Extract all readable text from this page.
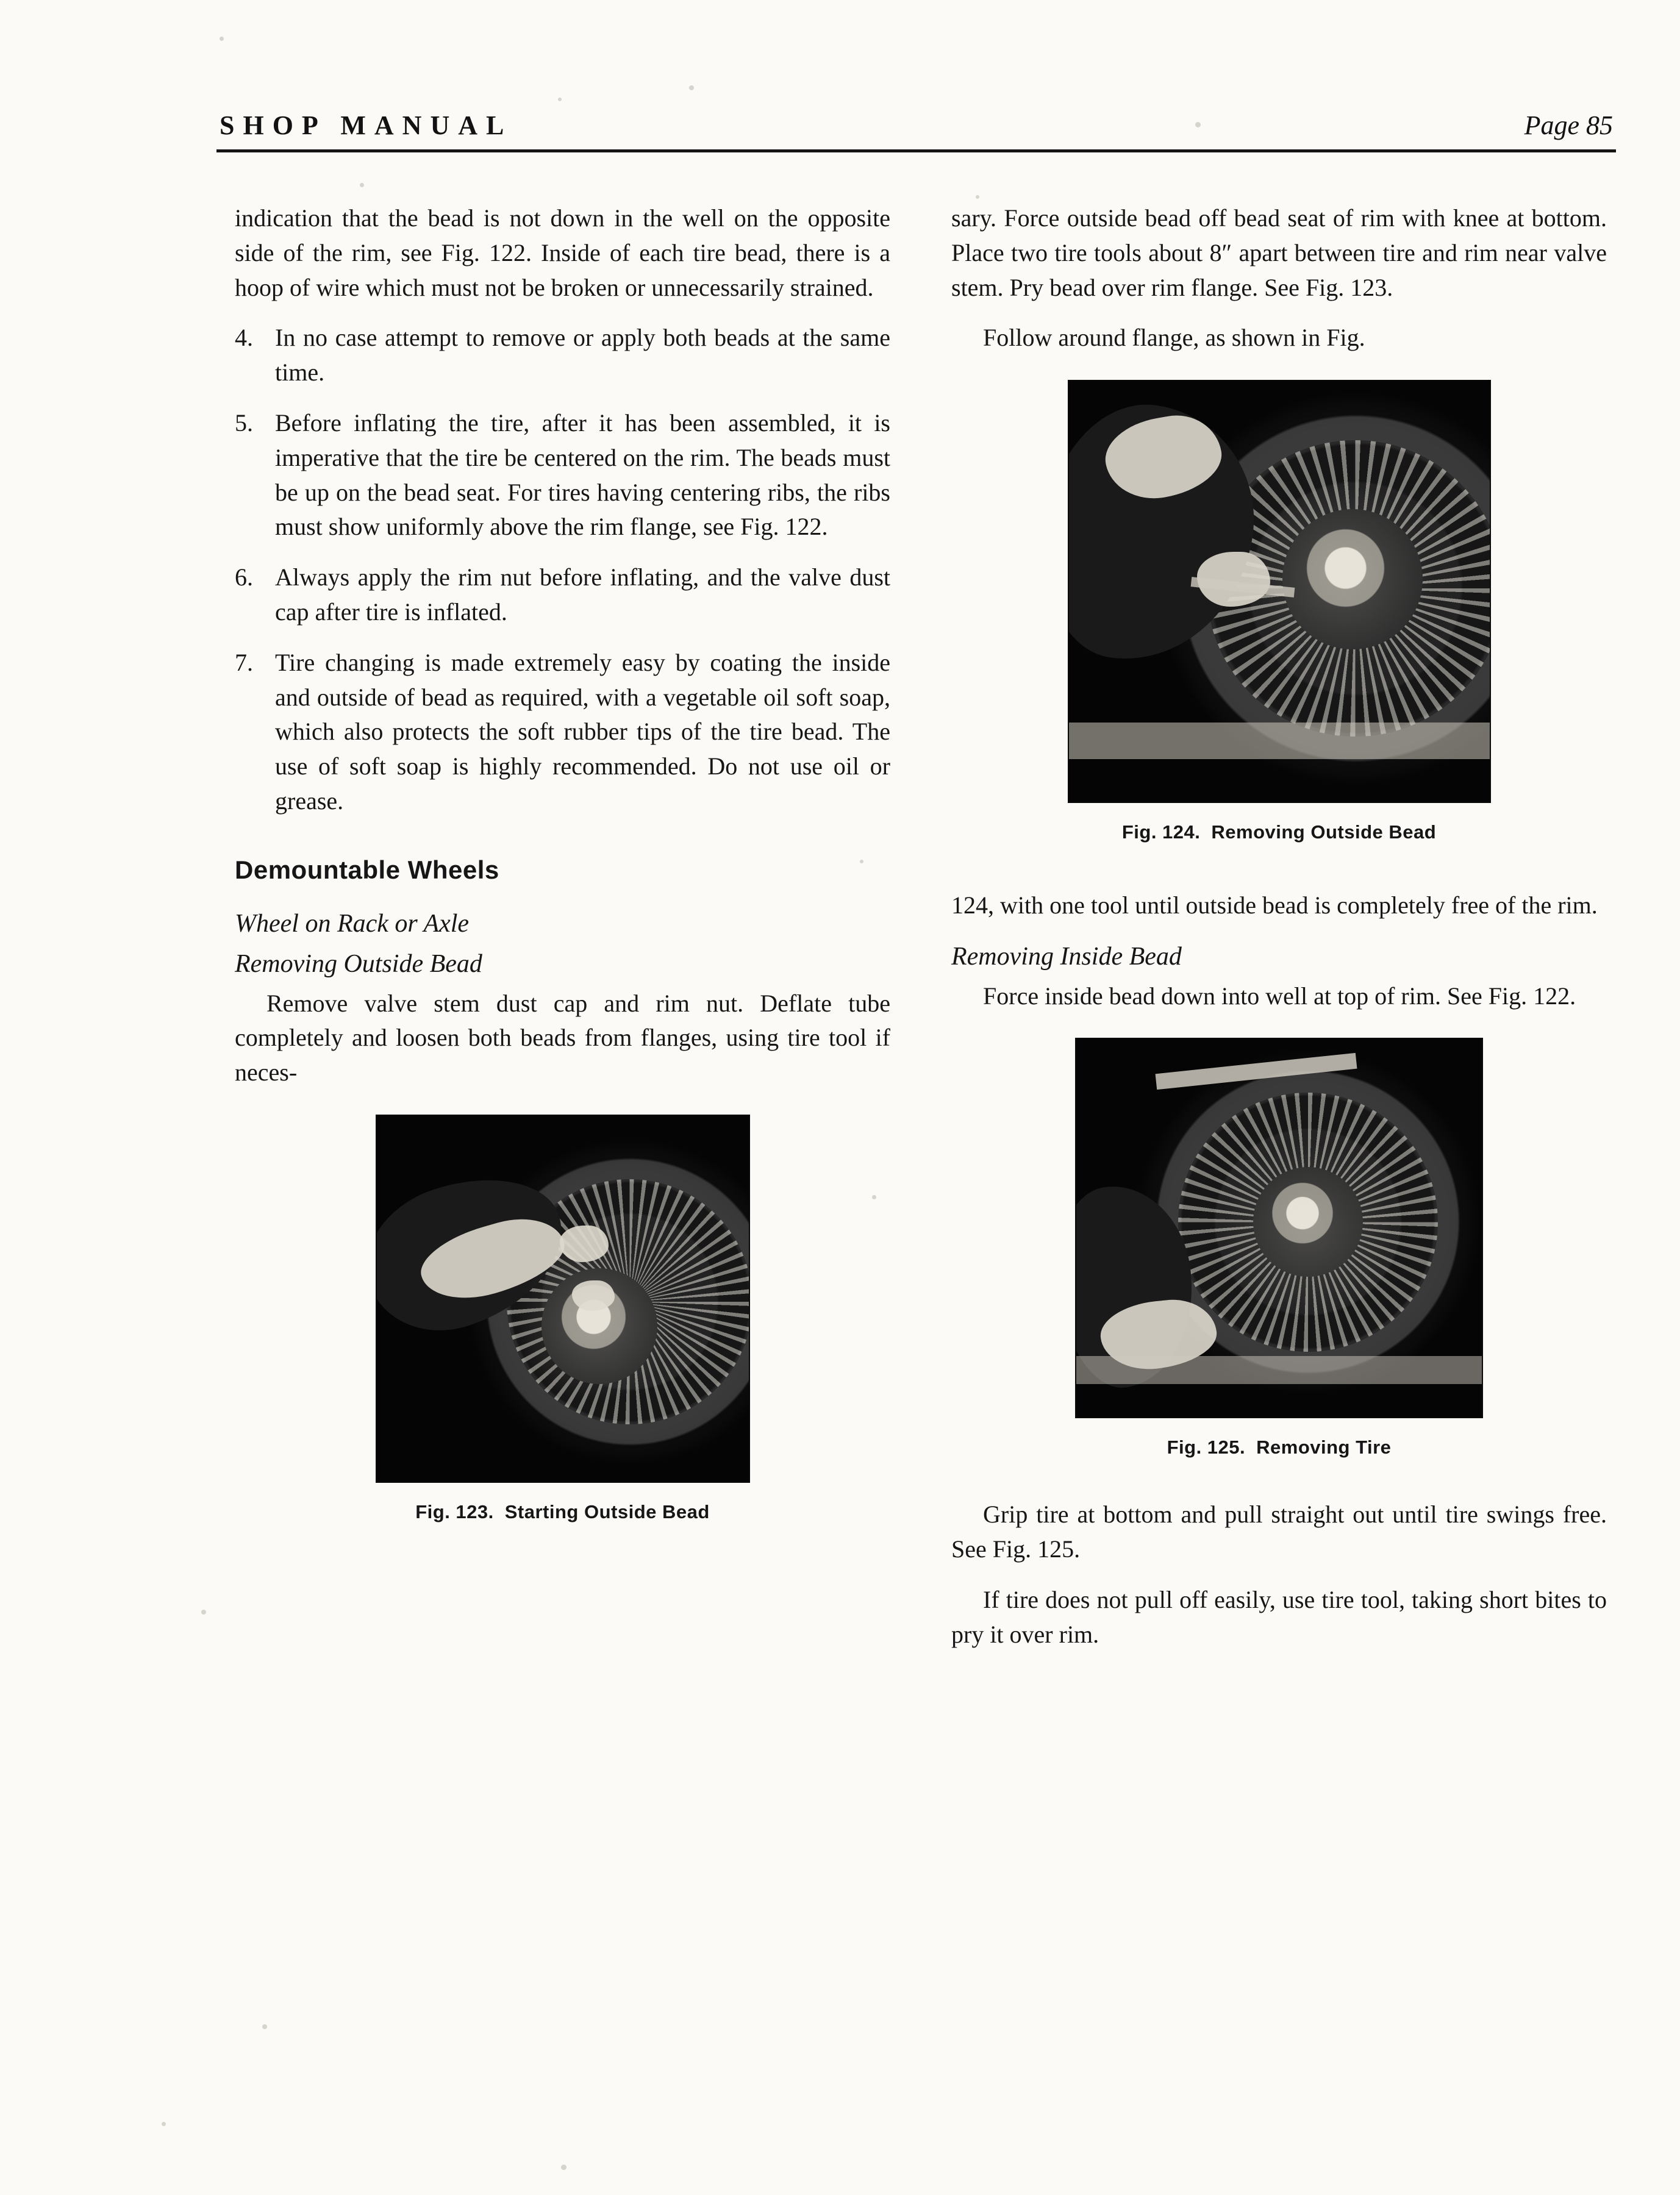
SHOP MANUAL	Page 85

indication that the bead is not down in the well on the opposite side of the rim, see Fig. 122. Inside of each tire bead, there is a hoop of wire which must not be broken or unnecessarily strained.

4. In no case attempt to remove or apply both beads at the same time.
5. Before inflating the tire, after it has been assembled, it is imperative that the tire be centered on the rim. The beads must be up on the bead seat. For tires having centering ribs, the ribs must show uniformly above the rim flange, see Fig. 122.
6. Always apply the rim nut before inflating, and the valve dust cap after tire is inflated.
7. Tire changing is made extremely easy by coating the inside and outside of bead as required, with a vegetable oil soft soap, which also protects the soft rubber tips of the tire bead. The use of soft soap is highly recommended. Do not use oil or grease.
Demountable Wheels
Wheel on Rack or Axle
Removing Outside Bead

Remove valve stem dust cap and rim nut. Deflate tube completely and loosen both beads from flanges, using tire tool if neces-

Fig. 123. Starting Outside Bead

sary. Force outside bead off bead seat of rim with knee at bottom. Place two tire tools about 8″ apart between tire and rim near valve stem. Pry bead over rim flange. See Fig. 123.

Follow around flange, as shown in Fig.

Fig. 124. Removing Outside Bead

124, with one tool until outside bead is completely free of the rim.

Removing Inside Bead

Force inside bead down into well at top of rim. See Fig. 122.

Fig. 125. Removing Tire

Grip tire at bottom and pull straight out until tire swings free. See Fig. 125.

If tire does not pull off easily, use tire tool, taking short bites to pry it over rim.
